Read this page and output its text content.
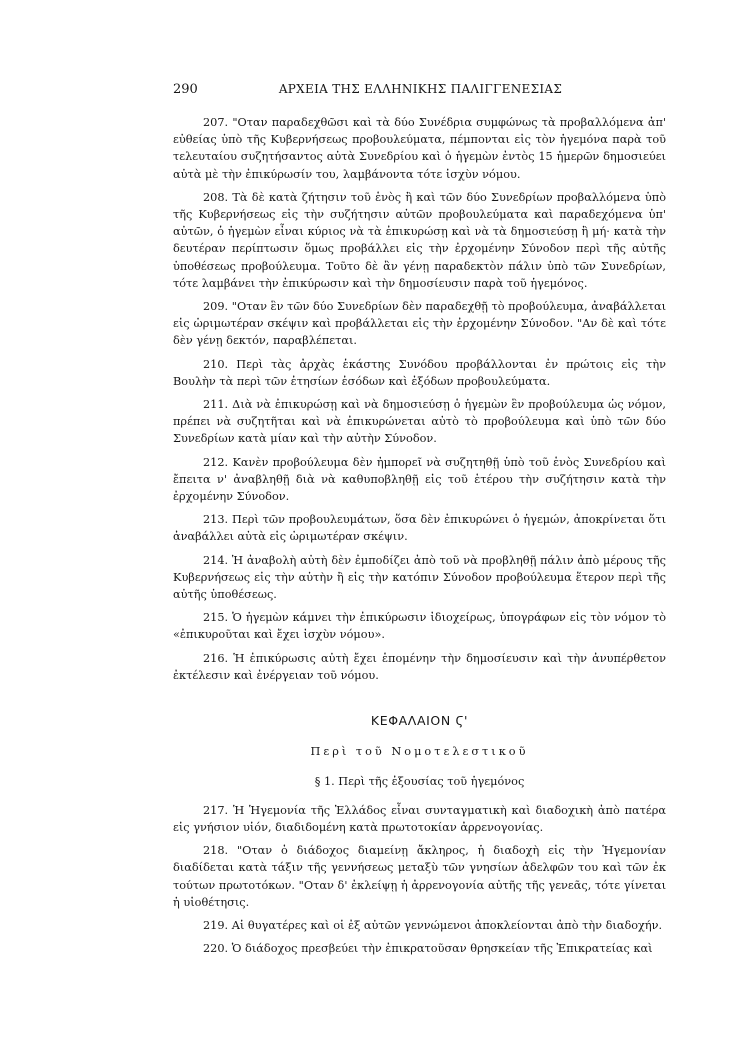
290	ΑΡΧΕΙΑ ΤΗΣ ΕΛΛΗΝΙΚΗΣ ΠΑΛΙΓΓΕΝΕΣΙΑΣ

207. "Οταν παραδεχθῶσι καὶ τὰ δύο Συνέδρια συμφώνως τὰ προβαλλόμενα ἀπ' εὐθείας ὑπὸ τῆς Κυβερνήσεως προβουλεύματα, πέμπονται εἰς τὸν ἡγεμόνα παρὰ τοῦ τελευταίου συζητήσαντος αὐτὰ Συνεδρίου καὶ ὁ ἡγεμὼν ἐντὸς 15 ἡμερῶν δημοσιεύει αὐτὰ μὲ τὴν ἐπικύρωσίν του, λαμβάνοντα τότε ἰσχὺν νόμου.

208. Τὰ δὲ κατὰ ζήτησιν τοῦ ἑνὸς ἢ καὶ τῶν δύο Συνεδρίων προβαλλόμενα ὑπὸ τῆς Κυβερνήσεως εἰς τὴν συζήτησιν αὐτῶν προβουλεύματα καὶ παραδεχόμενα ὑπ' αὐτῶν, ὁ ἡγεμὼν εἶναι κύριος νὰ τὰ ἐπικυρώσῃ καὶ νὰ τὰ δημοσιεύσῃ ἢ μή· κατὰ τὴν δευτέραν περίπτωσιν ὅμως προβάλλει εἰς τὴν ἐρχομένην Σύνοδον περὶ τῆς αὐτῆς ὑποθέσεως προβούλευμα. Τοῦτο δὲ ἂν γένῃ παραδεκτὸν πάλιν ὑπὸ τῶν Συνεδρίων, τότε λαμβάνει τὴν ἐπικύρωσιν καὶ τὴν δημοσίευσιν παρὰ τοῦ ἡγεμόνος.

209. "Οταν ἓν τῶν δύο Συνεδρίων δὲν παραδεχθῇ τὸ προβούλευμα, ἀναβάλλεται εἰς ὡριμωτέραν σκέψιν καὶ προβάλλεται εἰς τὴν ἐρχομένην Σύνοδον. "Αν δὲ καὶ τότε δὲν γένῃ δεκτόν, παραβλέπεται.

210. Περὶ τὰς ἀρχὰς ἑκάστης Συνόδου προβάλλονται ἐν πρώτοις εἰς τὴν Βουλὴν τὰ περὶ τῶν ἐτησίων ἐσόδων καὶ ἐξόδων προβουλεύματα.

211. Διὰ νὰ ἐπικυρώσῃ καὶ νὰ δημοσιεύσῃ ὁ ἡγεμὼν ἓν προβούλευμα ὡς νόμον, πρέπει νὰ συζητῆται καὶ νὰ ἐπικυρώνεται αὐτὸ τὸ προβούλευμα καὶ ὑπὸ τῶν δύο Συνεδρίων κατὰ μίαν καὶ τὴν αὐτὴν Σύνοδον.

212. Κανὲν προβούλευμα δὲν ἠμπορεῖ νὰ συζητηθῇ ὑπὸ τοῦ ἑνὸς Συνεδρίου καὶ ἔπειτα ν' ἀναβληθῇ διὰ νὰ καθυποβληθῇ εἰς τοῦ ἑτέρου τὴν συζήτησιν κατὰ τὴν ἐρχομένην Σύνοδον.

213. Περὶ τῶν προβουλευμάτων, ὅσα δὲν ἐπικυρώνει ὁ ἡγεμών, ἀποκρίνεται ὅτι ἀναβάλλει αὐτὰ εἰς ὡριμωτέραν σκέψιν.

214. Ἡ ἀναβολὴ αὐτὴ δὲν ἐμποδίζει ἀπὸ τοῦ νὰ προβληθῇ πάλιν ἀπὸ μέρους τῆς Κυβερνήσεως εἰς τὴν αὐτὴν ἢ εἰς τὴν κατόπιν Σύνοδον προβούλευμα ἕτερον περὶ τῆς αὐτῆς ὑποθέσεως.

215. Ὁ ἡγεμὼν κάμνει τὴν ἐπικύρωσιν ἰδιοχείρως, ὑπογράφων εἰς τὸν νόμον τὸ «ἐπικυροῦται καὶ ἔχει ἰσχὺν νόμου».

216. Ἡ ἐπικύρωσις αὐτὴ ἔχει ἑπομένην τὴν δημοσίευσιν καὶ τὴν ἀνυπέρθετον ἐκτέλεσιν καὶ ἐνέργειαν τοῦ νόμου.

ΚΕΦΑΛΑΙΟΝ Ϛ'
Περὶ τοῦ Νομοτελεστικοῦ
§ 1. Περὶ τῆς ἐξουσίας τοῦ ἡγεμόνος

217. Ἡ Ἡγεμονία τῆς Ἑλλάδος εἶναι συνταγματικὴ καὶ διαδοχικὴ ἀπὸ πατέρα εἰς γνήσιον υἱόν, διαδιδομένη κατὰ πρωτοτοκίαν ἀρρενογονίας.

218. "Οταν ὁ διάδοχος διαμείνῃ ἄκληρος, ἡ διαδοχὴ εἰς τὴν Ἡγεμονίαν διαδίδεται κατὰ τάξιν τῆς γεννήσεως μεταξὺ τῶν γνησίων ἀδελφῶν του καὶ τῶν ἐκ τούτων πρωτοτόκων. "Οταν δ' ἐκλείψῃ ἡ ἀρρενογονία αὐτῆς τῆς γενεᾶς, τότε γίνεται ἡ υἱοθέτησις.

219. Αἱ θυγατέρες καὶ οἱ ἐξ αὐτῶν γεννώμενοι ἀποκλείονται ἀπὸ τὴν διαδοχήν.

220. Ὁ διάδοχος πρεσβεύει τὴν ἐπικρατοῦσαν θρησκείαν τῆς Ἐπικρατείας καὶ
